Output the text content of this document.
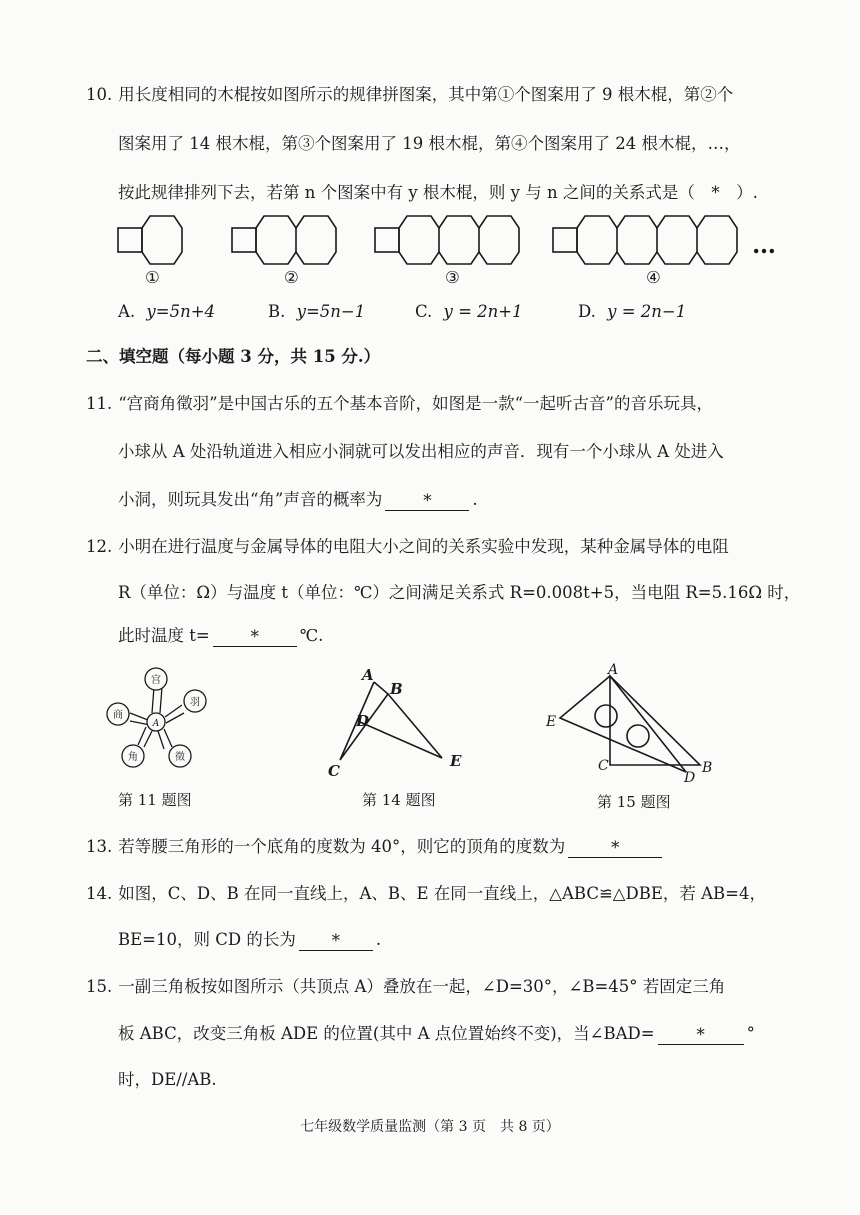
10. 用长度相同的木棍按如图所示的规律拼图案，其中第①个图案用了 9 根木棍，第②个
图案用了 14 根木棍，第③个图案用了 19 根木棍，第④个图案用了 24 根木棍，…，
按此规律排列下去，若第 n 个图案中有 y 根木棍，则 y 与 n 之间的关系式是（　*　）.
…
①	②	③	④
A. y=5n+4	B. y=5n−1	C. y = 2n+1	D. y = 2n−1
二、填空题（每小题 3 分，共 15 分.）
11. “宫商角徵羽”是中国古乐的五个基本音阶，如图是一款“一起听古音”的音乐玩具，
小球从 A 处沿轨道进入相应小洞就可以发出相应的声音．现有一个小球从 A 处进入
小洞，则玩具发出“角”声音的概率为 * .
12. 小明在进行温度与金属导体的电阻大小之间的关系实验中发现，某种金属导体的电阻
R（单位：Ω）与温度 t（单位：℃）之间满足关系式 R=0.008t+5，当电阻 R=5.16Ω 时，
此时温度 t= * ℃.
宫
羽
徵
角
商
A
第 11 题图
A
B
D
C
E
第 14 题图
A
E
C
D
B
第 15 题图
13. 若等腰三角形的一个底角的度数为 40°，则它的顶角的度数为	*
14. 如图，C、D、B 在同一直线上，A、B、E 在同一直线上，△ABC≌△DBE，若 AB=4，
BE=10，则 CD 的长为 * .
15. 一副三角板按如图所示（共顶点 A）叠放在一起，∠D=30°，∠B=45° 若固定三角
板 ABC，改变三角板 ADE 的位置(其中 A 点位置始终不变)，当∠BAD=	*	°
时，DE//AB.
七年级数学质量监测（第 3 页　共 8 页）
